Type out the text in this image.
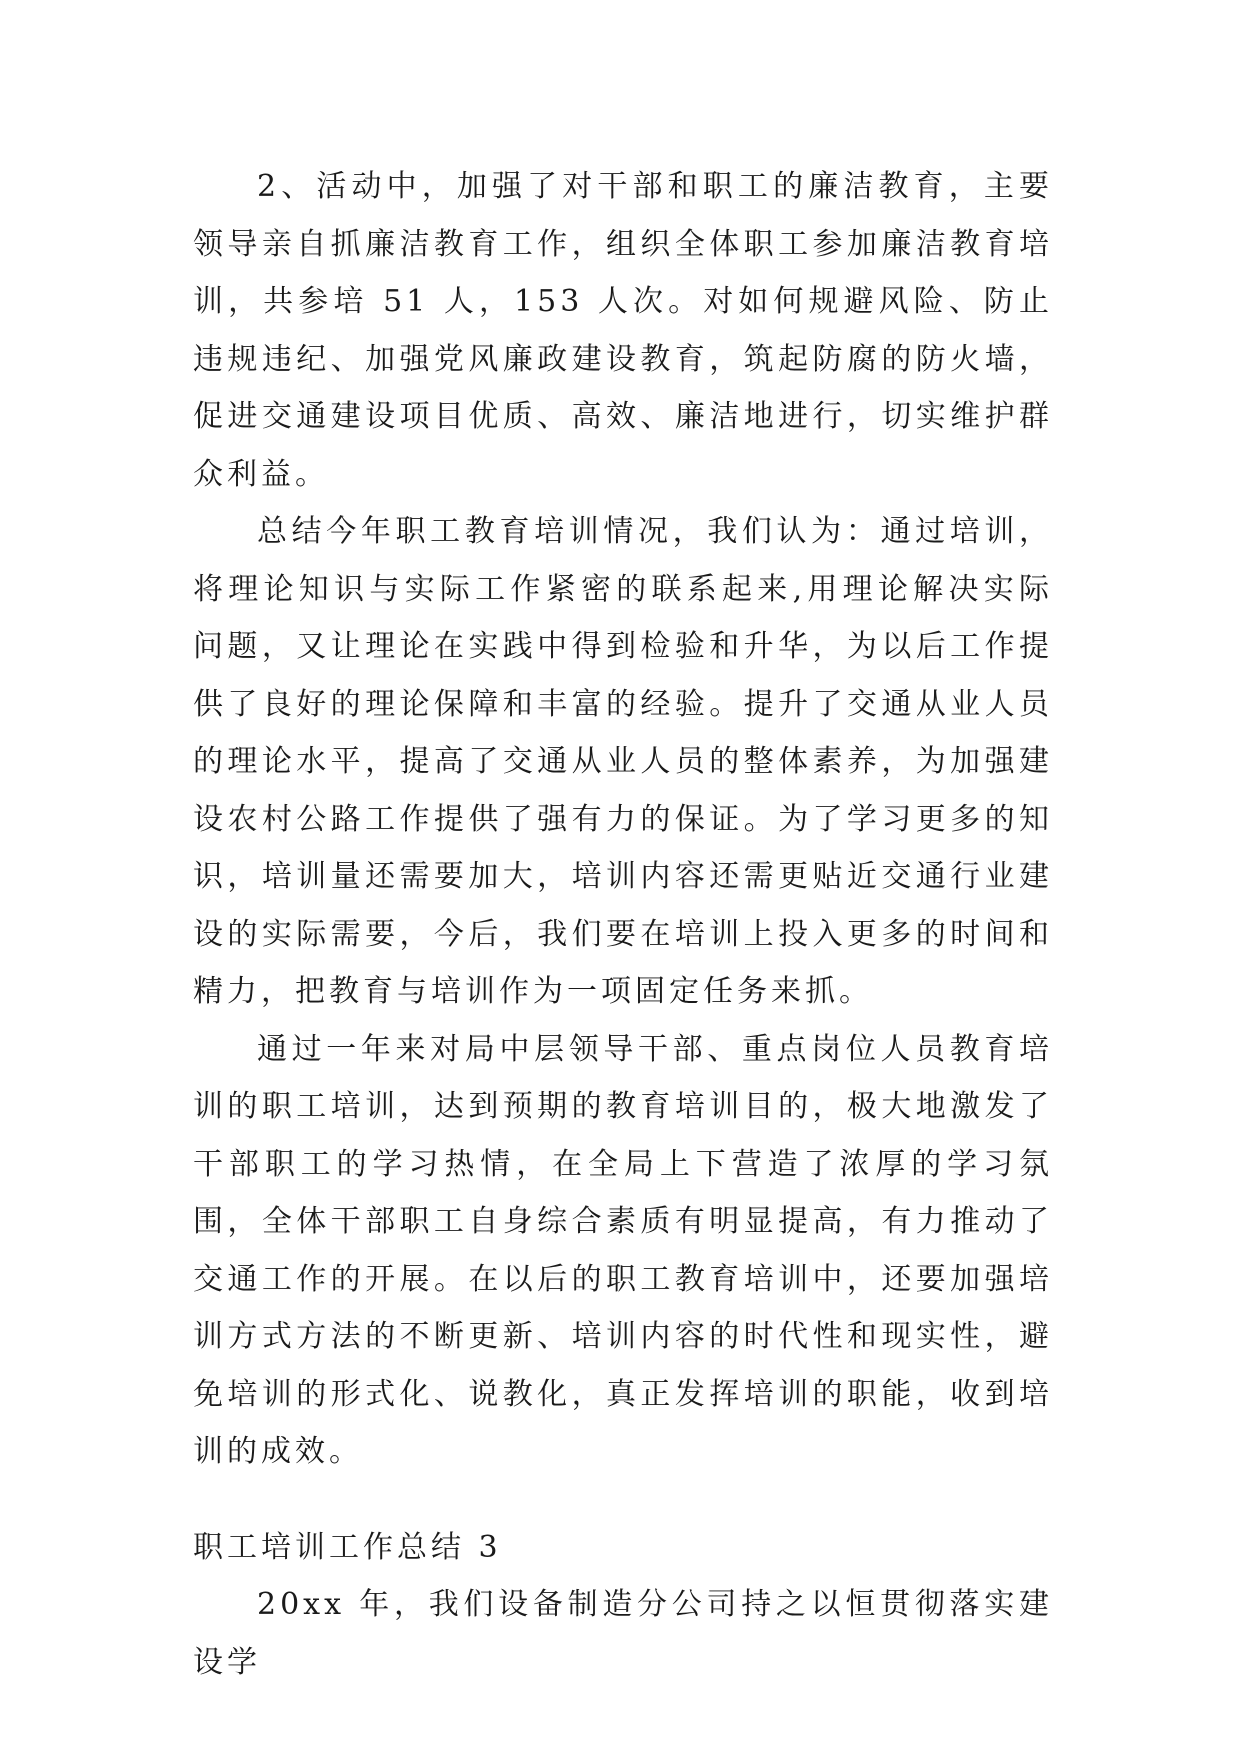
2、活动中，加强了对干部和职工的廉洁教育，主要领导亲自抓廉洁教育工作，组织全体职工参加廉洁教育培训，共参培 51 人，153 人次。对如何规避风险、防止违规违纪、加强党风廉政建设教育，筑起防腐的防火墙，促进交通建设项目优质、高效、廉洁地进行，切实维护群众利益。

总结今年职工教育培训情况，我们认为：通过培训，将理论知识与实际工作紧密的联系起来,用理论解决实际问题，又让理论在实践中得到检验和升华，为以后工作提供了良好的理论保障和丰富的经验。提升了交通从业人员的理论水平，提高了交通从业人员的整体素养，为加强建设农村公路工作提供了强有力的保证。为了学习更多的知识，培训量还需要加大，培训内容还需更贴近交通行业建设的实际需要，今后，我们要在培训上投入更多的时间和精力，把教育与培训作为一项固定任务来抓。

通过一年来对局中层领导干部、重点岗位人员教育培训的职工培训，达到预期的教育培训目的，极大地激发了干部职工的学习热情，在全局上下营造了浓厚的学习氛围，全体干部职工自身综合素质有明显提高，有力推动了交通工作的开展。在以后的职工教育培训中，还要加强培训方式方法的不断更新、培训内容的时代性和现实性，避免培训的形式化、说教化，真正发挥培训的职能，收到培训的成效。

职工培训工作总结 3

20xx 年，我们设备制造分公司持之以恒贯彻落实建设学
